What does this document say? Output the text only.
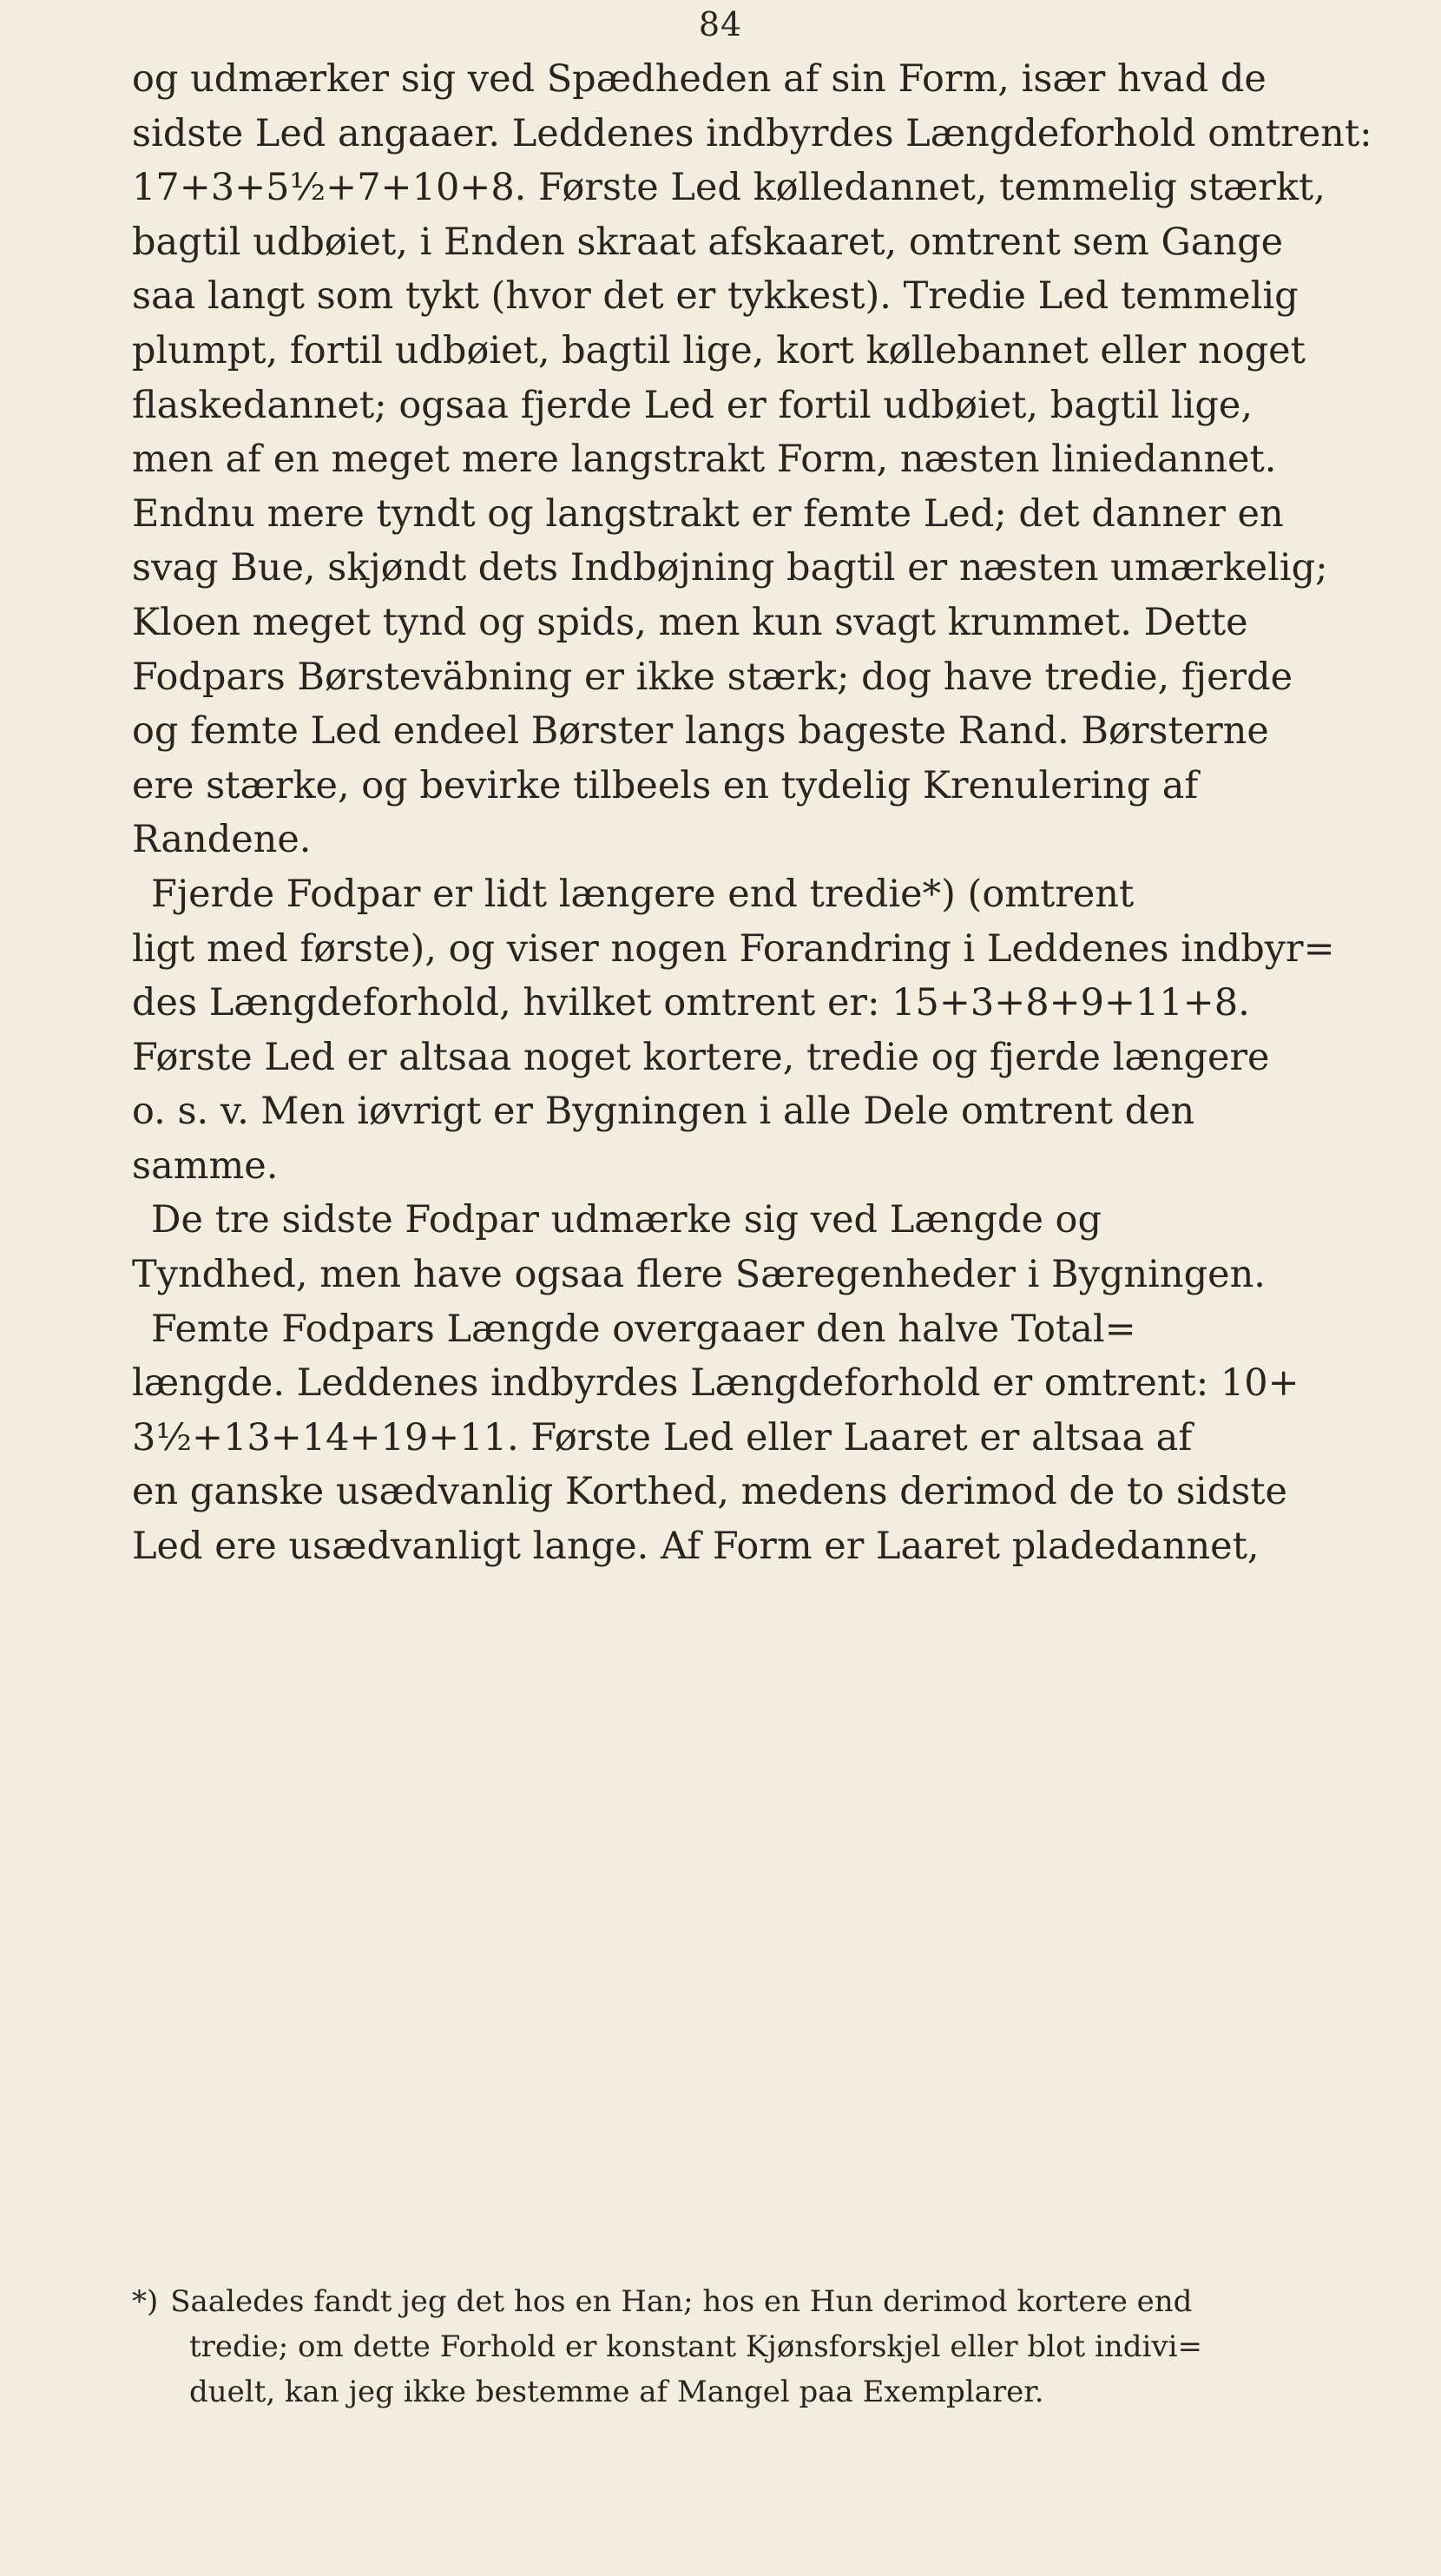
84
og udmærker sig ved Spædheden af sin Form, især hvad de
sidste Led angaaer. Leddenes indbyrdes Længdeforhold omtrent:
17+3+5½+7+10+8. Første Led kølledannet, temmelig stærkt,
bagtil udbøiet, i Enden skraat afskaaret, omtrent sem Gange
saa langt som tykt (hvor det er tykkest). Tredie Led temmelig
plumpt, fortil udbøiet, bagtil lige, kort køllebannet eller noget
flaskedannet; ogsaa fjerde Led er fortil udbøiet, bagtil lige,
men af en meget mere langstrakt Form, næsten liniedannet.
Endnu mere tyndt og langstrakt er femte Led; det danner en
svag Bue, skjøndt dets Indbøjning bagtil er næsten umærkelig;
Kloen meget tynd og spids, men kun svagt krummet. Dette
Fodpars Børsteväbning er ikke stærk; dog have tredie, fjerde
og femte Led endeel Børster langs bageste Rand. Børsterne
ere stærke, og bevirke tilbeels en tydelig Krenulering af
Randene.
Fjerde Fodpar er lidt længere end tredie*) (omtrent
ligt med første), og viser nogen Forandring i Leddenes indbyr=
des Længdeforhold, hvilket omtrent er: 15+3+8+9+11+8.
Første Led er altsaa noget kortere, tredie og fjerde længere
o. s. v. Men iøvrigt er Bygningen i alle Dele omtrent den
samme.
De tre sidste Fodpar udmærke sig ved Længde og
Tyndhed, men have ogsaa flere Særegenheder i Bygningen.
Femte Fodpars Længde overgaaer den halve Total=
længde. Leddenes indbyrdes Længdeforhold er omtrent: 10+
3½+13+14+19+11. Første Led eller Laaret er altsaa af
en ganske usædvanlig Korthed, medens derimod de to sidste
Led ere usædvanligt lange. Af Form er Laaret pladedannet,
*) Saaledes fandt jeg det hos en Han; hos en Hun derimod kortere end
tredie; om dette Forhold er konstant Kjønsforskjel eller blot indivi=
duelt, kan jeg ikke bestemme af Mangel paa Exemplarer.
